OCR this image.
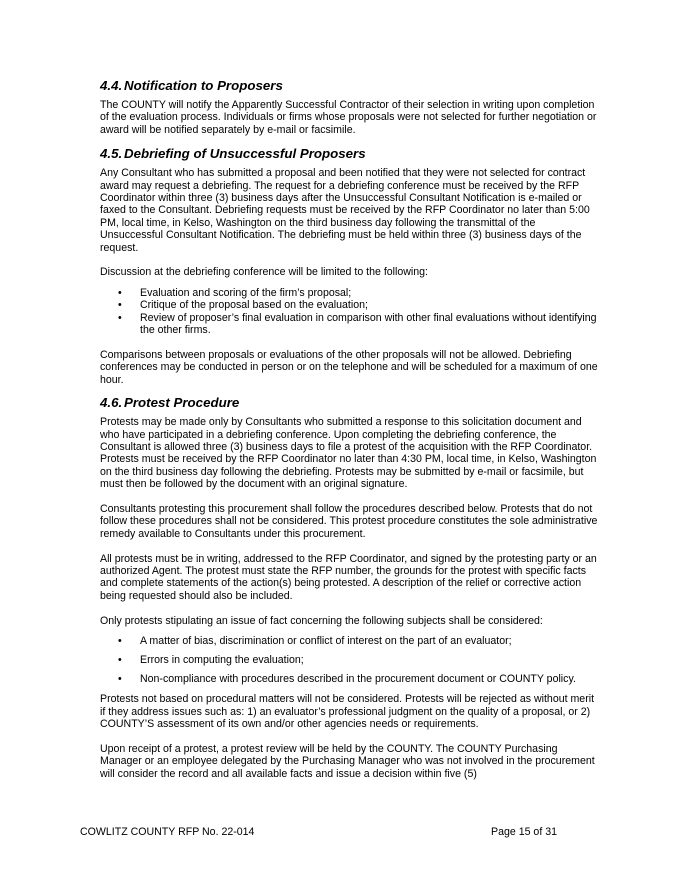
4.4. Notification to Proposers

The COUNTY will notify the Apparently Successful Contractor of their selection in writing upon completion of the evaluation process. Individuals or firms whose proposals were not selected for further negotiation or award will be notified separately by e-mail or facsimile.

4.5. Debriefing of Unsuccessful Proposers

Any Consultant who has submitted a proposal and been notified that they were not selected for contract award may request a debriefing. The request for a debriefing conference must be received by the RFP Coordinator within three (3) business days after the Unsuccessful Consultant Notification is e-mailed or faxed to the Consultant. Debriefing requests must be received by the RFP Coordinator no later than 5:00 PM, local time, in Kelso, Washington on the third business day following the transmittal of the Unsuccessful Consultant Notification. The debriefing must be held within three (3) business days of the request.

Discussion at the debriefing conference will be limited to the following:

• Evaluation and scoring of the firm’s proposal;
• Critique of the proposal based on the evaluation;
• Review of proposer’s final evaluation in comparison with other final evaluations without identifying the other firms.

Comparisons between proposals or evaluations of the other proposals will not be allowed. Debriefing conferences may be conducted in person or on the telephone and will be scheduled for a maximum of one hour.

4.6. Protest Procedure

Protests may be made only by Consultants who submitted a response to this solicitation document and who have participated in a debriefing conference. Upon completing the debriefing conference, the Consultant is allowed three (3) business days to file a protest of the acquisition with the RFP Coordinator. Protests must be received by the RFP Coordinator no later than 4:30 PM, local time, in Kelso, Washington on the third business day following the debriefing. Protests may be submitted by e-mail or facsimile, but must then be followed by the document with an original signature.

Consultants protesting this procurement shall follow the procedures described below. Protests that do not follow these procedures shall not be considered. This protest procedure constitutes the sole administrative remedy available to Consultants under this procurement.

All protests must be in writing, addressed to the RFP Coordinator, and signed by the protesting party or an authorized Agent. The protest must state the RFP number, the grounds for the protest with specific facts and complete statements of the action(s) being protested. A description of the relief or corrective action being requested should also be included.

Only protests stipulating an issue of fact concerning the following subjects shall be considered:

• A matter of bias, discrimination or conflict of interest on the part of an evaluator;
• Errors in computing the evaluation;
• Non-compliance with procedures described in the procurement document or COUNTY policy.

Protests not based on procedural matters will not be considered. Protests will be rejected as without merit if they address issues such as: 1) an evaluator’s professional judgment on the quality of a proposal, or 2) COUNTY’S assessment of its own and/or other agencies needs or requirements.

Upon receipt of a protest, a protest review will be held by the COUNTY. The COUNTY Purchasing Manager or an employee delegated by the Purchasing Manager who was not involved in the procurement will consider the record and all available facts and issue a decision within five (5)

COWLITZ COUNTY RFP No. 22-014	Page 15 of 31
